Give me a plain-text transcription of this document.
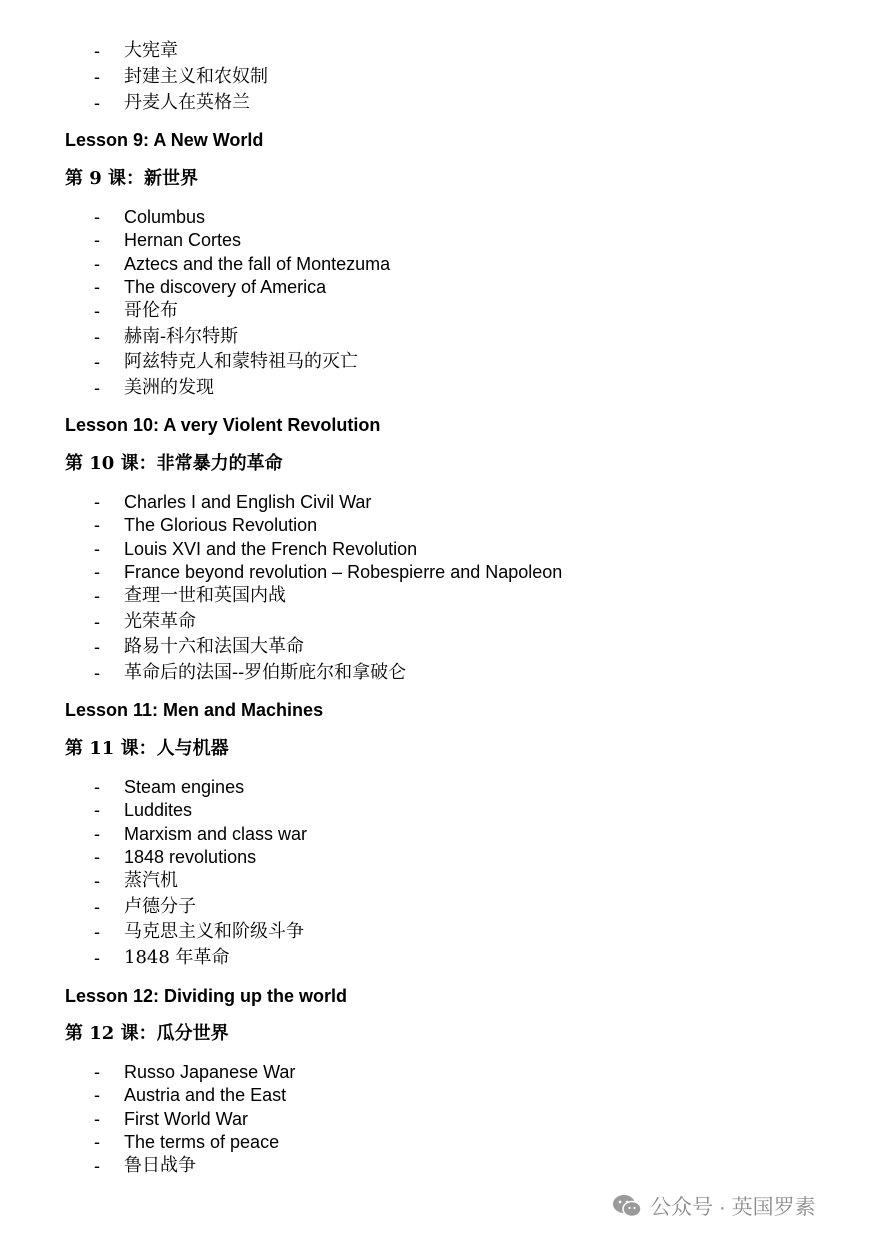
- 大宪章
- 封建主义和农奴制
- 丹麦人在英格兰
Lesson 9: A New World
第 9 课：新世界
- Columbus
- Hernan Cortes
- Aztecs and the fall of Montezuma
- The discovery of America
- 哥伦布
- 赫南-科尔特斯
- 阿兹特克人和蒙特祖马的灭亡
- 美洲的发现
Lesson 10: A very Violent Revolution
第 10 课：非常暴力的革命
- Charles I and English Civil War
- The Glorious Revolution
- Louis XVI and the French Revolution
- France beyond revolution – Robespierre and Napoleon
- 查理一世和英国内战
- 光荣革命
- 路易十六和法国大革命
- 革命后的法国--罗伯斯庇尔和拿破仑
Lesson 11: Men and Machines
第 11 课：人与机器
- Steam engines
- Luddites
- Marxism and class war
- 1848 revolutions
- 蒸汽机
- 卢德分子
- 马克思主义和阶级斗争
- 1848 年革命
Lesson 12: Dividing up the world
第 12 课：瓜分世界
- Russo Japanese War
- Austria and the East
- First World War
- The terms of peace
- 鲁日战争
公众号 · 英国罗素
